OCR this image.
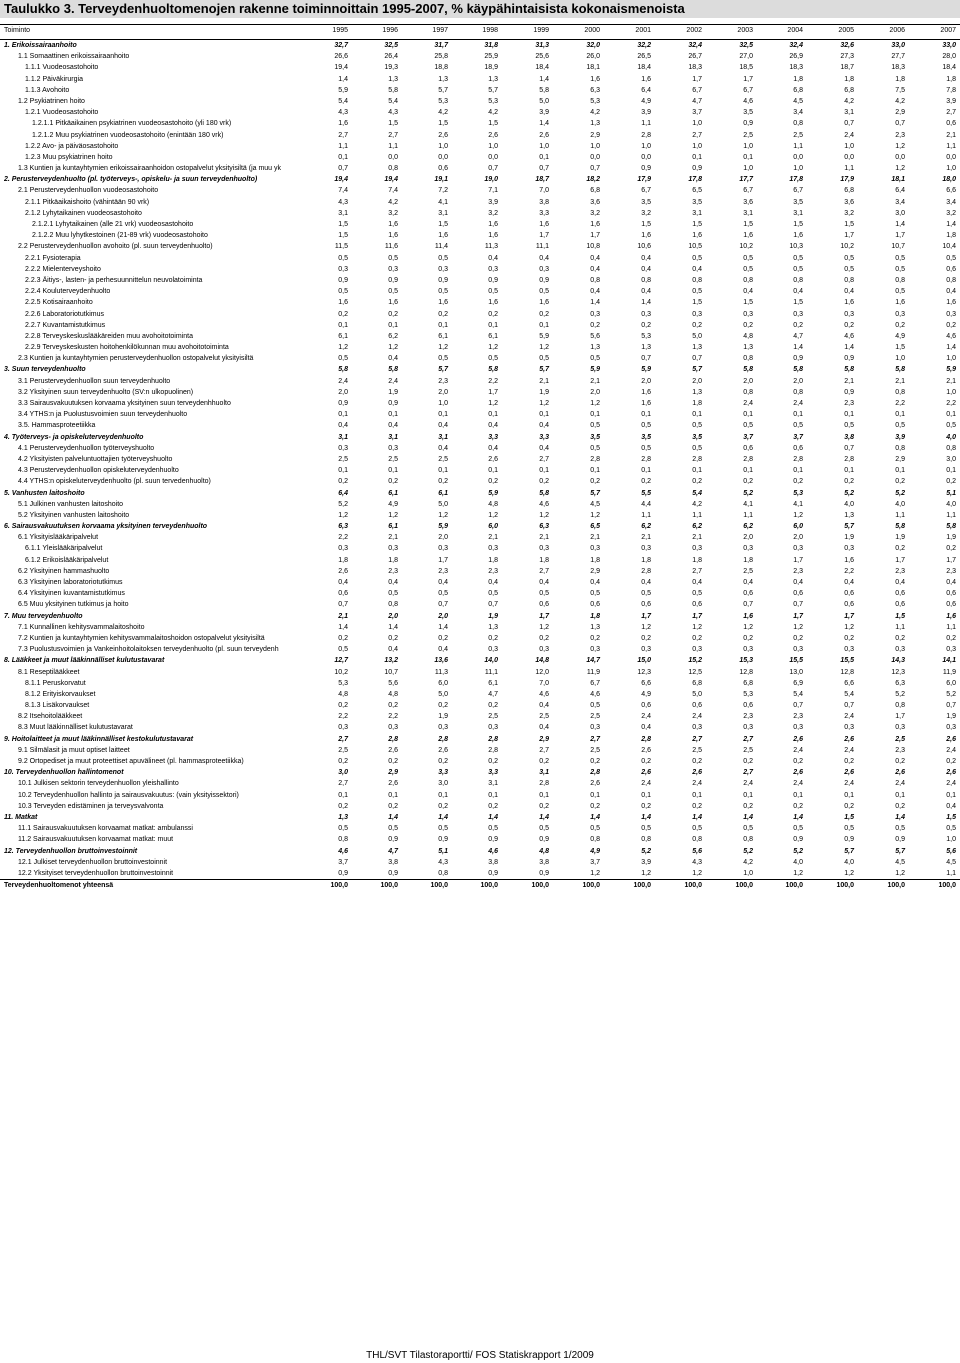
Taulukko 3. Terveydenhuoltomenojen rakenne toiminnoittain 1995-2007, % käypähintaisista kokonaismenoista
Toiminto	1995	1996	1997	1998	1999	2000	2001	2002	2003	2004	2005	2006	2007
1. Erikoissairaanhoito	32,7	32,5	31,7	31,8	31,3	32,0	32,2	32,4	32,5	32,4	32,6	33,0	33,0
1.1 Somaattinen erikoissairaanhoito	26,6	26,4	25,8	25,9	25,6	26,0	26,5	26,7	27,0	26,9	27,3	27,7	28,0
1.1.1 Vuodeosastohoito	19,4	19,3	18,8	18,9	18,4	18,1	18,4	18,3	18,5	18,3	18,7	18,3	18,4
1.1.2 Päiväkirurgia	1,4	1,3	1,3	1,3	1,4	1,6	1,6	1,7	1,7	1,8	1,8	1,8	1,8
1.1.3 Avohoito	5,9	5,8	5,7	5,7	5,8	6,3	6,4	6,7	6,7	6,8	6,8	7,5	7,8
1.2 Psykiatrinen hoito	5,4	5,4	5,3	5,3	5,0	5,3	4,9	4,7	4,6	4,5	4,2	4,2	3,9
1.2.1 Vuodeosastohoito	4,3	4,3	4,2	4,2	3,9	4,2	3,9	3,7	3,5	3,4	3,1	2,9	2,7
1.2.1.1 Pitkäaikainen psykiatrinen vuodeosastohoito (yli 180 vrk)	1,6	1,5	1,5	1,5	1,4	1,3	1,1	1,0	0,9	0,8	0,7	0,7	0,6
1.2.1.2 Muu psykiatrinen vuodeosastohoito (enintään 180 vrk)	2,7	2,7	2,6	2,6	2,6	2,9	2,8	2,7	2,5	2,5	2,4	2,3	2,1
1.2.2 Avo- ja päiväosastohoito	1,1	1,1	1,0	1,0	1,0	1,0	1,0	1,0	1,0	1,1	1,0	1,2	1,1
1.2.3 Muu psykiatrinen hoito	0,1	0,0	0,0	0,0	0,1	0,0	0,0	0,1	0,1	0,0	0,0	0,0	0,0
1.3 Kuntien ja kuntayhtymien erikoissairaanhoidon ostopalvelut yksityisiltä (ja muu yk	0,7	0,8	0,6	0,7	0,7	0,7	0,9	0,9	1,0	1,0	1,1	1,2	1,0
2. Perusterveydenhuolto (pl. työterveys-, opiskelu- ja suun terveydenhuolto)	19,4	19,4	19,1	19,0	18,7	18,2	17,9	17,8	17,7	17,8	17,9	18,1	18,0
2.1 Perusterveydenhuollon vuodeosastohoito	7,4	7,4	7,2	7,1	7,0	6,8	6,7	6,5	6,7	6,7	6,8	6,4	6,6
2.1.1 Pitkäaikaishoito (vähintään 90 vrk)	4,3	4,2	4,1	3,9	3,8	3,6	3,5	3,5	3,6	3,5	3,6	3,4	3,4
2.1.2 Lyhytaikainen vuodeosastohoito	3,1	3,2	3,1	3,2	3,3	3,2	3,2	3,1	3,1	3,1	3,2	3,0	3,2
2.1.2.1 Lyhytaikainen (alle 21 vrk) vuodeosastohoito	1,5	1,6	1,5	1,6	1,6	1,6	1,5	1,5	1,5	1,5	1,5	1,4	1,4
2.1.2.2 Muu lyhytkestoinen (21-89 vrk) vuodeosastohoito	1,5	1,6	1,6	1,6	1,7	1,7	1,6	1,6	1,6	1,6	1,7	1,7	1,8
2.2 Perusterveydenhuollon avohoito (pl. suun terveydenhuolto)	11,5	11,6	11,4	11,3	11,1	10,8	10,6	10,5	10,2	10,3	10,2	10,7	10,4
2.2.1 Fysioterapia	0,5	0,5	0,5	0,4	0,4	0,4	0,4	0,5	0,5	0,5	0,5	0,5	0,5
2.2.2 Mielenterveyshoito	0,3	0,3	0,3	0,3	0,3	0,4	0,4	0,4	0,5	0,5	0,5	0,5	0,6
2.2.3 Äitiys-, lasten- ja perhesuunnittelun neuvolatoiminta	0,9	0,9	0,9	0,9	0,9	0,8	0,8	0,8	0,8	0,8	0,8	0,8	0,8
2.2.4 Kouluterveydenhuolto	0,5	0,5	0,5	0,5	0,5	0,4	0,4	0,5	0,4	0,4	0,4	0,5	0,4
2.2.5 Kotisairaanhoito	1,6	1,6	1,6	1,6	1,6	1,4	1,4	1,5	1,5	1,5	1,6	1,6	1,6
2.2.6 Laboratoriotutkimus	0,2	0,2	0,2	0,2	0,2	0,3	0,3	0,3	0,3	0,3	0,3	0,3	0,3
2.2.7 Kuvantamistutkimus	0,1	0,1	0,1	0,1	0,1	0,2	0,2	0,2	0,2	0,2	0,2	0,2	0,2
2.2.8 Terveyskeskuslääkäreiden muu avohoitotoiminta	6,1	6,2	6,1	6,1	5,9	5,6	5,3	5,0	4,8	4,7	4,6	4,9	4,6
2.2.9 Terveyskeskusten hoitohenkilökunnan muu avohoitotoiminta	1,2	1,2	1,2	1,2	1,2	1,3	1,3	1,3	1,3	1,4	1,4	1,5	1,4
2.3 Kuntien ja kuntayhtymien perusterveydenhuollon ostopalvelut yksityisiltä	0,5	0,4	0,5	0,5	0,5	0,5	0,7	0,7	0,8	0,9	0,9	1,0	1,0
3. Suun terveydenhuolto	5,8	5,8	5,7	5,8	5,7	5,9	5,9	5,7	5,8	5,8	5,8	5,8	5,9
3.1 Perusterveydenhuollon suun terveydenhuolto	2,4	2,4	2,3	2,2	2,1	2,1	2,0	2,0	2,0	2,0	2,1	2,1	2,1
3.2 Yksityinen suun terveydenhuolto (SV:n ulkopuolinen)	2,0	1,9	2,0	1,7	1,9	2,0	1,6	1,3	0,8	0,8	0,9	0,8	1,0
3.3 Sairausvakuutuksen korvaama yksityinen suun terveydenhhuolto	0,9	0,9	1,0	1,2	1,2	1,2	1,6	1,8	2,4	2,4	2,3	2,2	2,2
3.4 YTHS:n ja Puolustusvoimien suun terveydenhuolto	0,1	0,1	0,1	0,1	0,1	0,1	0,1	0,1	0,1	0,1	0,1	0,1	0,1
3.5. Hammasproteetiikka	0,4	0,4	0,4	0,4	0,4	0,5	0,5	0,5	0,5	0,5	0,5	0,5	0,5
4. Työterveys- ja opiskeluterveydenhuolto	3,1	3,1	3,1	3,3	3,3	3,5	3,5	3,5	3,7	3,7	3,8	3,9	4,0
4.1 Perusterveydenhuollon työterveyshuolto	0,3	0,3	0,4	0,4	0,4	0,5	0,5	0,5	0,6	0,6	0,7	0,8	0,8
4.2 Yksityisten palveluntuottajien työterveyshuolto	2,5	2,5	2,5	2,6	2,7	2,8	2,8	2,8	2,8	2,8	2,8	2,9	3,0
4.3 Perusterveydenhuollon opiskeluterveydenhuolto	0,1	0,1	0,1	0,1	0,1	0,1	0,1	0,1	0,1	0,1	0,1	0,1	0,1
4.4 YTHS:n opiskeluterveydenhuolto (pl. suun tervedenhuolto)	0,2	0,2	0,2	0,2	0,2	0,2	0,2	0,2	0,2	0,2	0,2	0,2	0,2
5. Vanhusten laitoshoito	6,4	6,1	6,1	5,9	5,8	5,7	5,5	5,4	5,2	5,3	5,2	5,2	5,1
5.1 Julkinen vanhusten laitoshoito	5,2	4,9	5,0	4,8	4,6	4,5	4,4	4,2	4,1	4,1	4,0	4,0	4,0
5.2 Yksityinen vanhusten laitoshoito	1,2	1,2	1,2	1,2	1,2	1,2	1,1	1,1	1,1	1,2	1,3	1,1	1,1
6. Sairausvakuutuksen korvaama yksityinen terveydenhuolto	6,3	6,1	5,9	6,0	6,3	6,5	6,2	6,2	6,2	6,0	5,7	5,8	5,8
6.1 Yksityislääkäripalvelut	2,2	2,1	2,0	2,1	2,1	2,1	2,1	2,1	2,0	2,0	1,9	1,9	1,9
6.1.1 Yleislääkäripalvelut	0,3	0,3	0,3	0,3	0,3	0,3	0,3	0,3	0,3	0,3	0,3	0,2	0,2
6.1.2 Erikoislääkäripalvelut	1,8	1,8	1,7	1,8	1,8	1,8	1,8	1,8	1,8	1,7	1,6	1,7	1,7
6.2 Yksityinen hammashuolto	2,6	2,3	2,3	2,3	2,7	2,9	2,8	2,7	2,5	2,3	2,2	2,3	2,3
6.3 Yksityinen laboratoriotutkimus	0,4	0,4	0,4	0,4	0,4	0,4	0,4	0,4	0,4	0,4	0,4	0,4	0,4
6.4 Yksityinen kuvantamistutkimus	0,6	0,5	0,5	0,5	0,5	0,5	0,5	0,5	0,6	0,6	0,6	0,6	0,6
6.5 Muu yksityinen tutkimus ja hoito	0,7	0,8	0,7	0,7	0,6	0,6	0,6	0,6	0,7	0,7	0,6	0,6	0,6
7. Muu terveydenhuolto	2,1	2,0	2,0	1,9	1,7	1,8	1,7	1,7	1,6	1,7	1,7	1,5	1,6
7.1 Kunnallinen kehitysvammalaitoshoito	1,4	1,4	1,4	1,3	1,2	1,3	1,2	1,2	1,2	1,2	1,2	1,1	1,1
7.2 Kuntien ja kuntayhtymien kehitysvammalaitoshoidon ostopalvelut yksityisiltä	0,2	0,2	0,2	0,2	0,2	0,2	0,2	0,2	0,2	0,2	0,2	0,2	0,2
7.3 Puolustusvoimien ja Vankeinhoitolaitoksen terveydenhuolto (pl. suun terveydenh	0,5	0,4	0,4	0,3	0,3	0,3	0,3	0,3	0,3	0,3	0,3	0,3	0,3
8. Lääkkeet ja muut lääkinnälliset kulutustavarat	12,7	13,2	13,6	14,0	14,8	14,7	15,0	15,2	15,3	15,5	15,5	14,3	14,1
8.1 Reseptilääkkeet	10,2	10,7	11,3	11,1	12,0	11,9	12,3	12,5	12,8	13,0	12,8	12,3	11,9
8.1.1 Peruskorvatut	5,3	5,6	6,0	6,1	7,0	6,7	6,6	6,8	6,8	6,9	6,6	6,3	6,0
8.1.2 Erityiskorvaukset	4,8	4,8	5,0	4,7	4,6	4,6	4,9	5,0	5,3	5,4	5,4	5,2	5,2
8.1.3 Lisäkorvaukset	0,2	0,2	0,2	0,2	0,4	0,5	0,6	0,6	0,6	0,7	0,7	0,8	0,7
8.2 Itsehoitolääkkeet	2,2	2,2	1,9	2,5	2,5	2,5	2,4	2,4	2,3	2,3	2,4	1,7	1,9
8.3 Muut lääkinnälliset kulutustavarat	0,3	0,3	0,3	0,3	0,4	0,3	0,4	0,3	0,3	0,3	0,3	0,3	0,3
9. Hoitolaitteet ja muut lääkinnälliset kestokulutustavarat	2,7	2,8	2,8	2,8	2,9	2,7	2,8	2,7	2,7	2,6	2,6	2,5	2,6
9.1 Silmälasit ja muut optiset laitteet	2,5	2,6	2,6	2,8	2,7	2,5	2,6	2,5	2,5	2,4	2,4	2,3	2,4
9.2 Ortopediset ja muut proteettiset apuvälineet (pl. hammasproteetiikka)	0,2	0,2	0,2	0,2	0,2	0,2	0,2	0,2	0,2	0,2	0,2	0,2	0,2
10. Terveydenhuollon hallintomenot	3,0	2,9	3,3	3,3	3,1	2,8	2,6	2,6	2,7	2,6	2,6	2,6	2,6
10.1 Julkisen sektorin terveydenhuollon yleishallinto	2,7	2,6	3,0	3,1	2,8	2,6	2,4	2,4	2,4	2,4	2,4	2,4	2,4
10.2 Terveydenhuollon hallinto ja sairausvakuutus: (vain yksityissektori)	0,1	0,1	0,1	0,1	0,1	0,1	0,1	0,1	0,1	0,1	0,1	0,1	0,1
10.3 Terveyden edistäminen ja terveysvalvonta	0,2	0,2	0,2	0,2	0,2	0,2	0,2	0,2	0,2	0,2	0,2	0,2	0,4
11. Matkat	1,3	1,4	1,4	1,4	1,4	1,4	1,4	1,4	1,4	1,4	1,5	1,4	1,5
11.1 Sairausvakuutuksen korvaamat matkat: ambulanssi	0,5	0,5	0,5	0,5	0,5	0,5	0,5	0,5	0,5	0,5	0,5	0,5	0,5
11.2 Sairausvakuutuksen korvaamat matkat: muut	0,8	0,9	0,9	0,9	0,9	0,8	0,8	0,8	0,8	0,9	0,9	0,9	1,0
12. Terveydenhuollon bruttoinvestoinnit	4,6	4,7	5,1	4,6	4,8	4,9	5,2	5,6	5,2	5,2	5,7	5,7	5,6
12.1 Julkiset terveydenhuollon bruttoinvestoinnit	3,7	3,8	4,3	3,8	3,8	3,7	3,9	4,3	4,2	4,0	4,0	4,5	4,5
12.2 Yksityiset terveydenhuollon bruttoinvestoinnit	0,9	0,9	0,8	0,9	0,9	1,2	1,2	1,2	1,0	1,2	1,2	1,2	1,1
Terveydenhuoltomenot yhteensä	100,0	100,0	100,0	100,0	100,0	100,0	100,0	100,0	100,0	100,0	100,0	100,0	100,0
THL/SVT Tilastoraportti/ FOS Statiskrapport 1/2009
